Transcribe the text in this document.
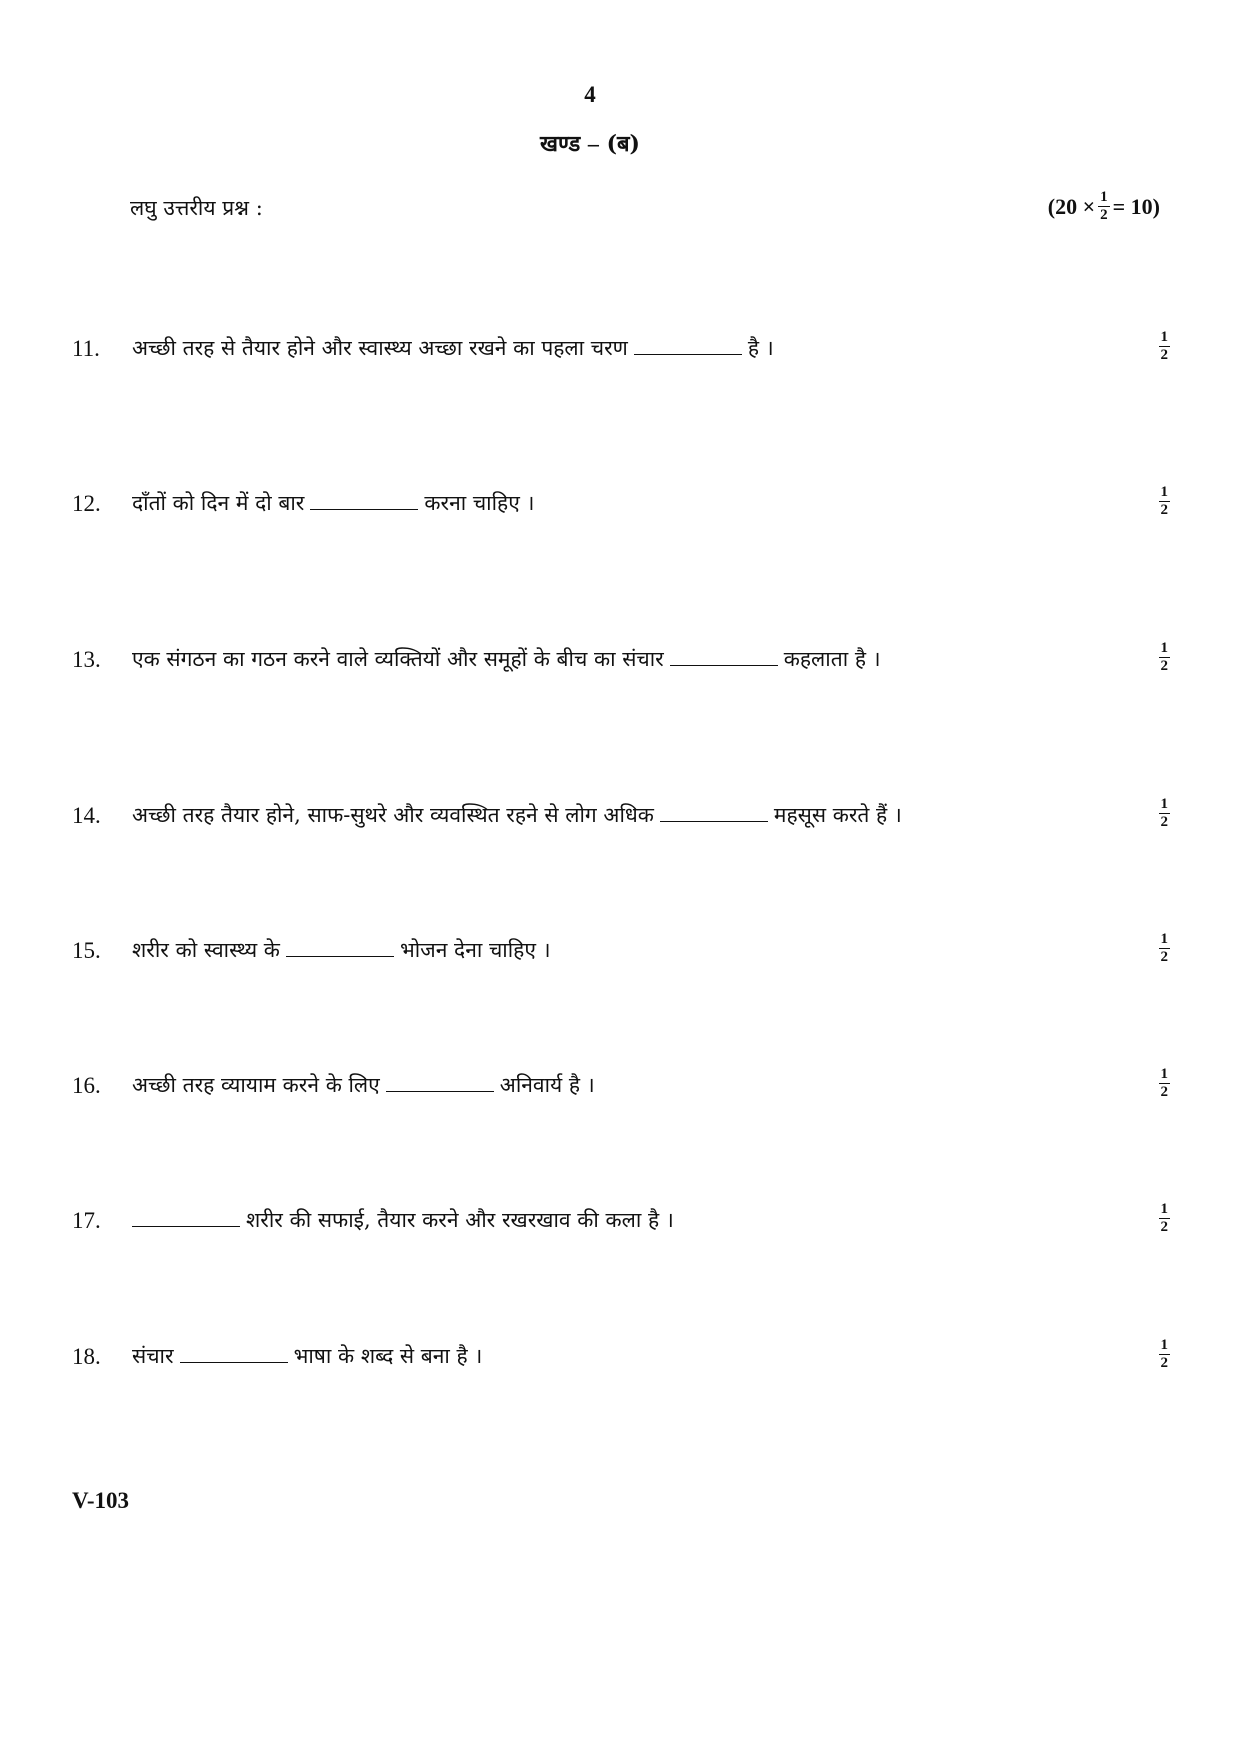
4
खण्ड – (ब)
लघु उत्तरीय प्रश्न :	$(20 \times \frac{1}{2} = 10)$
11. अच्छी तरह से तैयार होने और स्वास्थ्य अच्छा रखने का पहला चरण	है ।	$\frac{1}{2}$
12. दाँतों को दिन में दो बार	करना चाहिए ।	$\frac{1}{2}$
13. एक संगठन का गठन करने वाले व्यक्तियों और समूहों के बीच का संचार	कहलाता है ।	$\frac{1}{2}$
14. अच्छी तरह तैयार होने, साफ-सुथरे और व्यवस्थित रहने से लोग अधिक	महसूस करते हैं ।	$\frac{1}{2}$
15. शरीर को स्वास्थ्य के	भोजन देना चाहिए ।	$\frac{1}{2}$
16. अच्छी तरह व्यायाम करने के लिए	अनिवार्य है ।	$\frac{1}{2}$
17.	शरीर की सफाई, तैयार करने और रखरखाव की कला है ।	$\frac{1}{2}$
18. संचार	भाषा के शब्द से बना है ।	$\frac{1}{2}$
V-103
